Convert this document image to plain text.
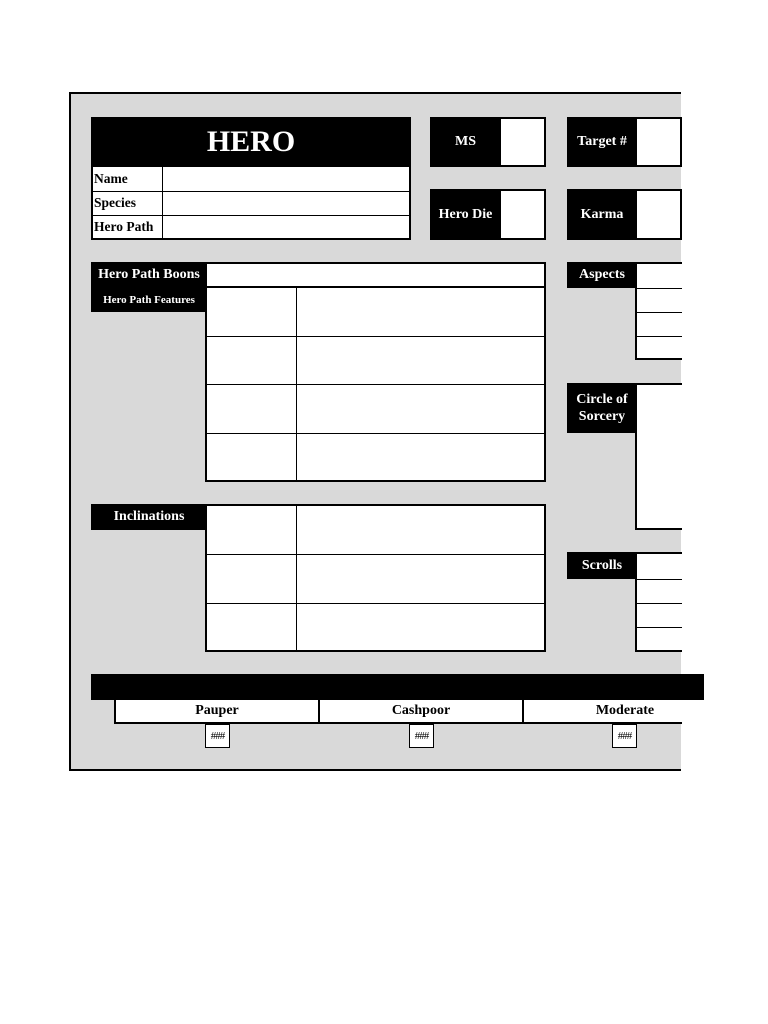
HERO
Name
Species
Hero Path
MS	Target #
Hero Die	Karma
Hero Path Boons
Hero Path Features
Inclinations
Aspects
Circle of Sorcery
Scrolls
Pauper	Cashpoor	Moderate
###	###	###
